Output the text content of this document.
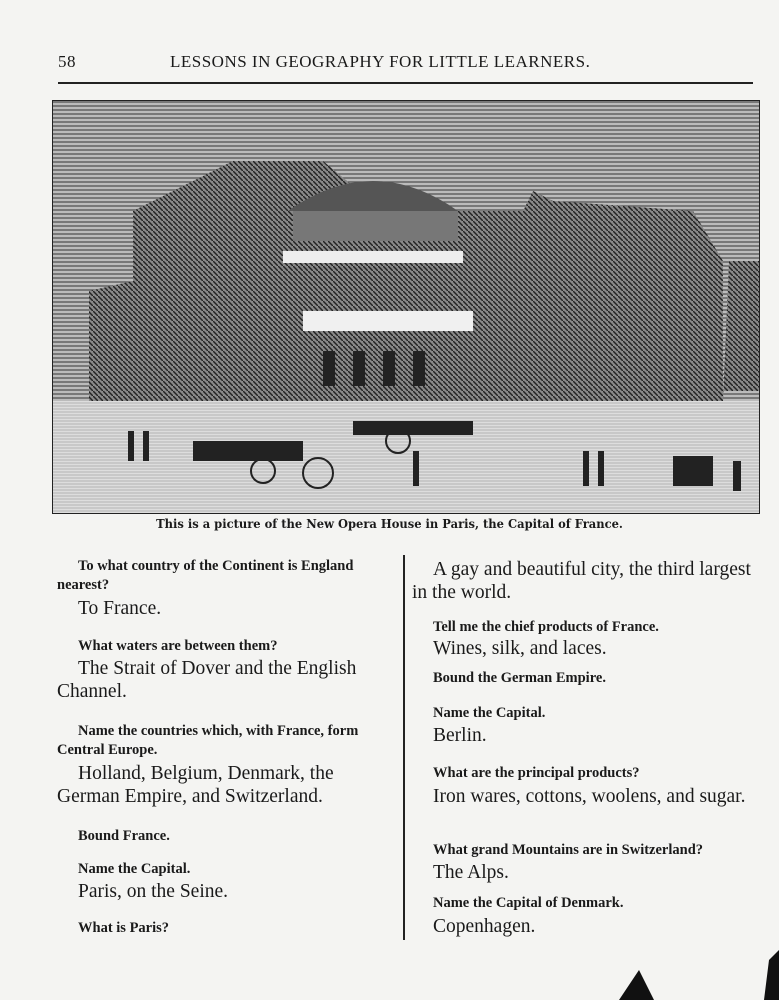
58	LESSONS IN GEOGRAPHY FOR LITTLE LEARNERS.
This is a picture of the New Opera House in Paris, the Capital of France.
To what country of the Continent is England nearest?
To France.
What waters are between them?
The Strait of Dover and the English Channel.
Name the countries which, with France, form Central Europe.
Holland, Belgium, Denmark, the German Empire, and Switzerland.
Bound France.
Name the Capital.
Paris, on the Seine.
What is Paris?
A gay and beautiful city, the third largest in the world.
Tell me the chief products of France.
Wines, silk, and laces.
Bound the German Empire.
Name the Capital.
Berlin.
What are the principal products?
Iron wares, cottons, woolens, and sugar.
What grand Mountains are in Switzerland?
The Alps.
Name the Capital of Denmark.
Copenhagen.
